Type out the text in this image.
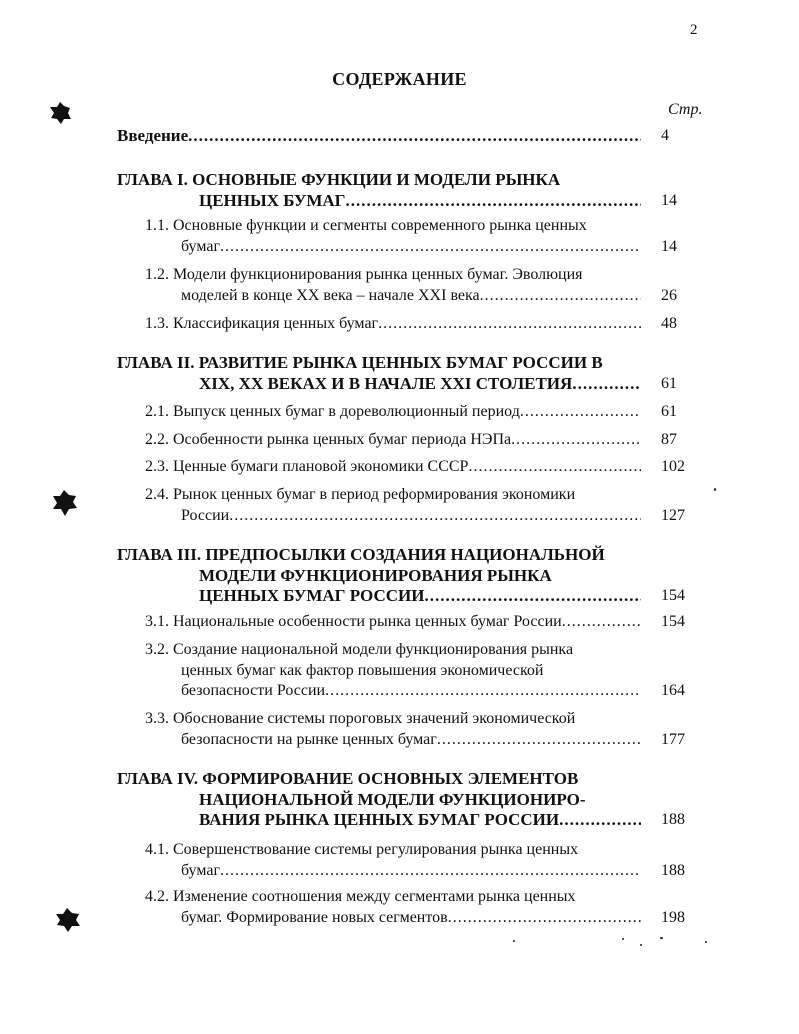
2
СОДЕРЖАНИЕ
Стр.
Введение .....	4
ГЛАВА I. ОСНОВНЫЕ ФУНКЦИИ И МОДЕЛИ РЫНКА
ЦЕННЫХ БУМАГ .....	14
1.1. Основные функции и сегменты современного рынка ценных
бумаг .....	14
1.2. Модели функционирования рынка ценных бумаг. Эволюция
моделей в конце XX века – начале XXI века .....	26
1.3. Классификация ценных бумаг .....	48
ГЛАВА II. РАЗВИТИЕ РЫНКА ЦЕННЫХ БУМАГ РОССИИ В
XIX, XX ВЕКАХ И В НАЧАЛЕ XXI СТОЛЕТИЯ .....	61
2.1. Выпуск ценных бумаг в дореволюционный период .....	61
2.2. Особенности рынка ценных бумаг периода НЭПа .....	87
2.3. Ценные бумаги плановой экономики СССР .....	102
2.4. Рынок ценных бумаг в период реформирования экономики
России .....	127
ГЛАВА III. ПРЕДПОСЫЛКИ СОЗДАНИЯ НАЦИОНАЛЬНОЙ
МОДЕЛИ ФУНКЦИОНИРОВАНИЯ РЫНКА
ЦЕННЫХ БУМАГ РОССИИ .....	154
3.1. Национальные особенности рынка ценных бумаг России .....	154
3.2. Создание национальной модели функционирования рынка
ценных бумаг как фактор повышения экономической
безопасности России .....	164
3.3. Обоснование системы пороговых значений экономической
безопасности на рынке ценных бумаг .....	177
ГЛАВА IV. ФОРМИРОВАНИЕ ОСНОВНЫХ ЭЛЕМЕНТОВ
НАЦИОНАЛЬНОЙ МОДЕЛИ ФУНКЦИОНИРО-
ВАНИЯ РЫНКА ЦЕННЫХ БУМАГ РОССИИ .....	188
4.1. Совершенствование системы регулирования рынка ценных
бумаг .....	188
4.2. Изменение соотношения между сегментами рынка ценных
бумаг. Формирование новых сегментов .....	198
